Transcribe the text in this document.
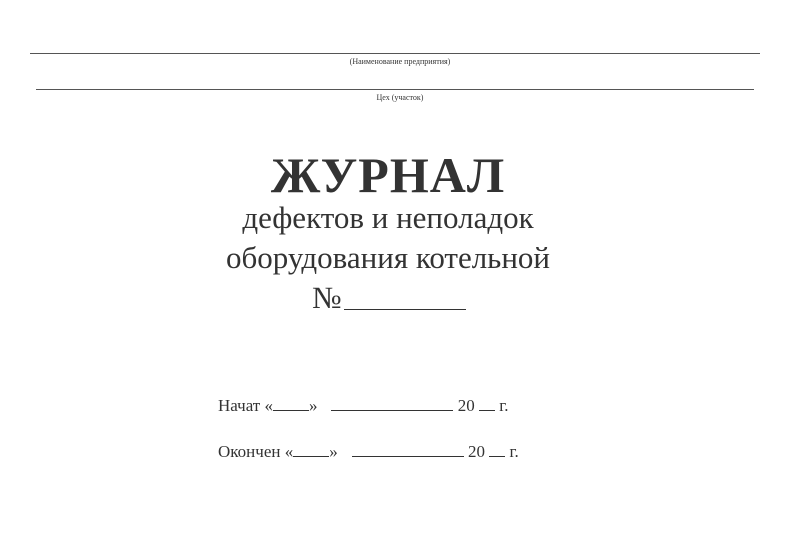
(Наименование предприятия)
Цех (участок)
ЖУРНАЛ
дефектов и неполадок
оборудования котельной
№
Начат « »	20 г.
Окончен « »	20 г.
